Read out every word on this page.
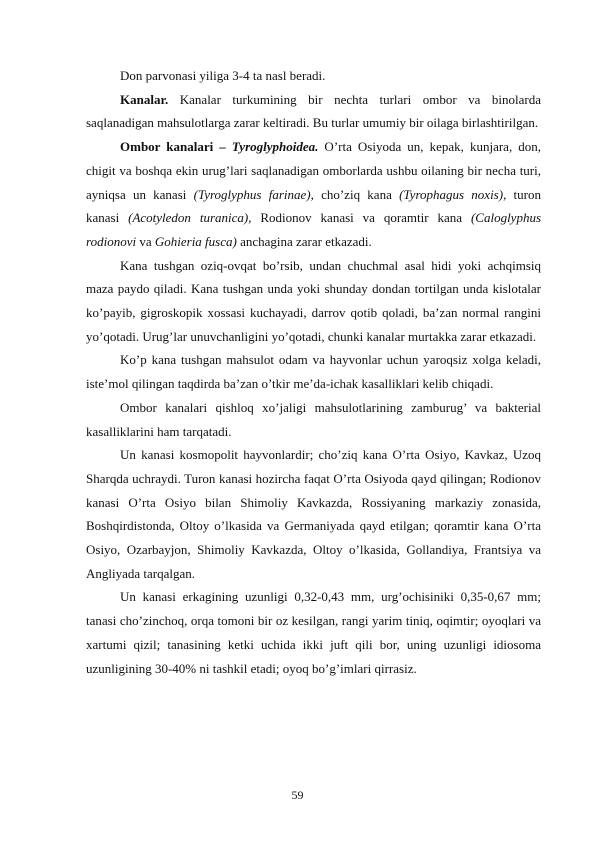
Don parvonasi yiliga 3-4 ta nasl beradi.

Kanalar. Kanalar turkumining bir nechta turlari ombor va binolarda saqlanadigan mahsulotlarga zarar keltiradi. Bu turlar umumiy bir oilaga birlashtirilgan.

Ombor kanalari – Tyroglyphoidea. O’rta Osiyoda un, kepak, kunjara, don, chigit va boshqa ekin urug’lari saqlanadigan omborlarda ushbu oilaning bir necha turi, ayniqsa un kanasi (Tyroglyphus farinae), cho’ziq kana (Tyrophagus noxis), turon kanasi (Acotyledon turanica), Rodionov kanasi va qoramtir kana (Caloglyphus rodionovi va Gohieria fusca) anchagina zarar etkazadi.

Kana tushgan oziq-ovqat bo’rsib, undan chuchmal asal hidi yoki achqimsiq maza paydo qiladi. Kana tushgan unda yoki shunday dondan tortilgan unda kislotalar ko’payib, gigroskopik xossasi kuchayadi, darrov qotib qoladi, ba’zan normal rangini yo’qotadi. Urug’lar unuvchanligini yo’qotadi, chunki kanalar murtakka zarar etkazadi.

Ko’p kana tushgan mahsulot odam va hayvonlar uchun yaroqsiz xolga keladi, iste’mol qilingan taqdirda ba’zan o’tkir me’da-ichak kasalliklari kelib chiqadi.

Ombor kanalari qishloq xo’jaligi mahsulotlarining zamburug’ va bakterial kasalliklarini ham tarqatadi.

Un kanasi kosmopolit hayvonlardir; cho’ziq kana O’rta Osiyo, Kavkaz, Uzoq Sharqda uchraydi. Turon kanasi hozircha faqat O’rta Osiyoda qayd qilingan; Rodionov kanasi O’rta Osiyo bilan Shimoliy Kavkazda, Rossiyaning markaziy zonasida, Boshqirdistonda, Oltoy o’lkasida va Germaniyada qayd etilgan; qoramtir kana O’rta Osiyo, Ozarbayjon, Shimoliy Kavkazda, Oltoy o’lkasida, Gollandiya, Frantsiya va Angliyada tarqalgan.

Un kanasi erkagining uzunligi 0,32-0,43 mm, urg’ochisiniki 0,35-0,67 mm; tanasi cho’zinchoq, orqa tomoni bir oz kesilgan, rangi yarim tiniq, oqimtir; oyoqlari va xartumi qizil; tanasining ketki uchida ikki juft qili bor, uning uzunligi idiosoma uzunligining 30-40% ni tashkil etadi; oyoq bo’g’imlari qirrasiz.

59
